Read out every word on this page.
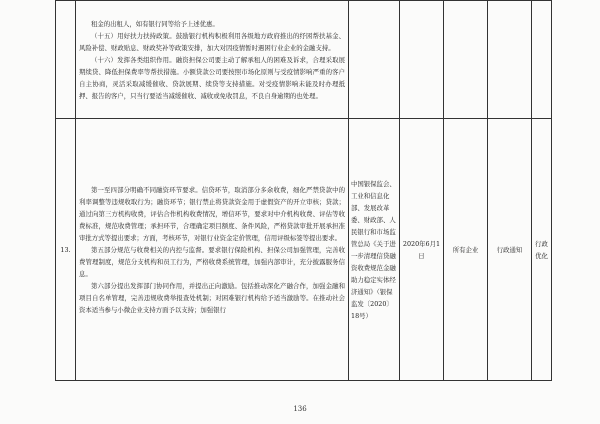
	租金的出租人，如有银行同等给予上述优惠。

（十五）用好扶力扶持政策。鼓励银行机构积极利用各级地方政府推出的纾困帮扶基金、风险补偿、财政贴息、财政奖补等政策安排，加大对因疫情暂时遇困行业企业的金融支持。

（十六）发挥各类组织作用。融资担保公司要主动了解承租人的困难及诉求，合理采取展期续贷、降低担保费率等帮扶措施。小额贷款公司要按照市场化原则与受疫情影响严重的客户自主协商，灵活采取减缓催收、贷款展期、续贷等支持措施。对受疫情影响未能及时办理抵押、报告的客户，只当行要适当减缓催收、减收或免收罚息，不良自身逾期的也处理。					

13.	第一至四部分明确不同融资环节要求。信贷环节，取消部分多余收费，细化严禁贷款中的利率调整等违规收取行为；融资环节；银行禁止将贷款资金用于虚假资产的开立审核；贷款；通过向第三方机构收费，评估合作机构收费情况，增信环节，要求对中介机构收费、评估等收费标准，规范收费管理；承担环节，合理确定项目额度、条件风险，严格贷款审批开展承担准审批方式等提出要求；方面，考核环节，对银行业资金定价管理，信用评级标签等提出要求。

第五部分规范与收费相关的内控与监督。要求银行保险机构、担保公司加强管理，完善收费管理制度，规范分支机构和员工行为，严格收费系统管理，加强内部审计，充分披露服务信息。

第六部分提出发挥部门协同作用，并提出正向激励。包括推动深化产融合作，加强金融和项目自名单管理，完善违规收费举报查处机制；对困难银行机构给予适当激励等。在推动社会资本适当参与小微企业支持方面予以支持；加强银行	中国银保监会、工业和信息化部、发展改革委、财政部、人民银行和市场监管总局《关于进一步清理信贷融资收费规范金融助力稳定实体经济通知》（银保监发〔2020〕18号）	2020年6月1日	所有企业	行政通知	行政优化
136
